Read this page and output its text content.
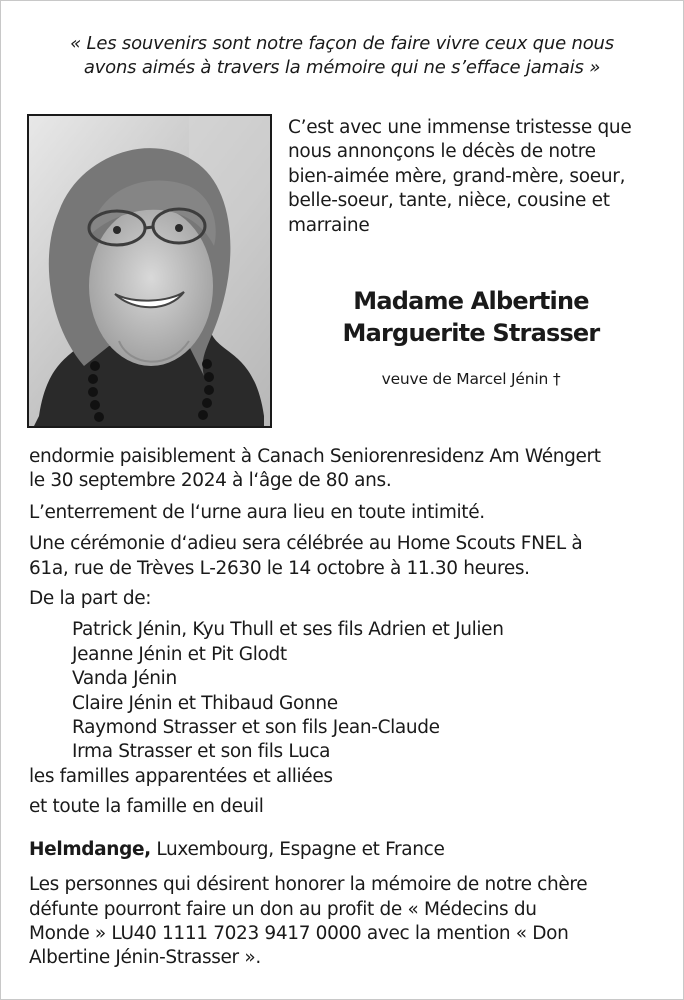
« Les souvenirs sont notre façon de faire vivre ceux que nous
avons aimés à travers la mémoire qui ne s’efface jamais »
C’est avec une immense tristesse que
nous annonçons le décès de notre
bien-aimée mère, grand-mère, soeur,
belle-soeur, tante, nièce, cousine et
marraine
Madame Albertine
Marguerite Strasser
veuve de Marcel Jénin †

endormie paisiblement à Canach Seniorenresidenz Am Wéngert

le 30 septembre 2024 à l‘âge de 80 ans.

L’enterrement de l‘urne aura lieu en toute intimité.

Une cérémonie d‘adieu sera célébrée au Home Scouts FNEL à

61a, rue de Trèves L-2630 le 14 octobre à 11.30 heures.

De la part de:

Patrick Jénin, Kyu Thull et ses fils Adrien et Julien

Jeanne Jénin et Pit Glodt

Vanda Jénin

Claire Jénin et Thibaud Gonne

Raymond Strasser et son fils Jean-Claude

Irma Strasser et son fils Luca

les familles apparentées et alliées

et toute la famille en deuil

Helmdange, Luxembourg, Espagne et France

Les personnes qui désirent honorer la mémoire de notre chère

défunte pourront faire un don au profit de « Médecins du

Monde » LU40 1111 7023 9417 0000 avec la mention « Don

Albertine Jénin-Strasser ».
